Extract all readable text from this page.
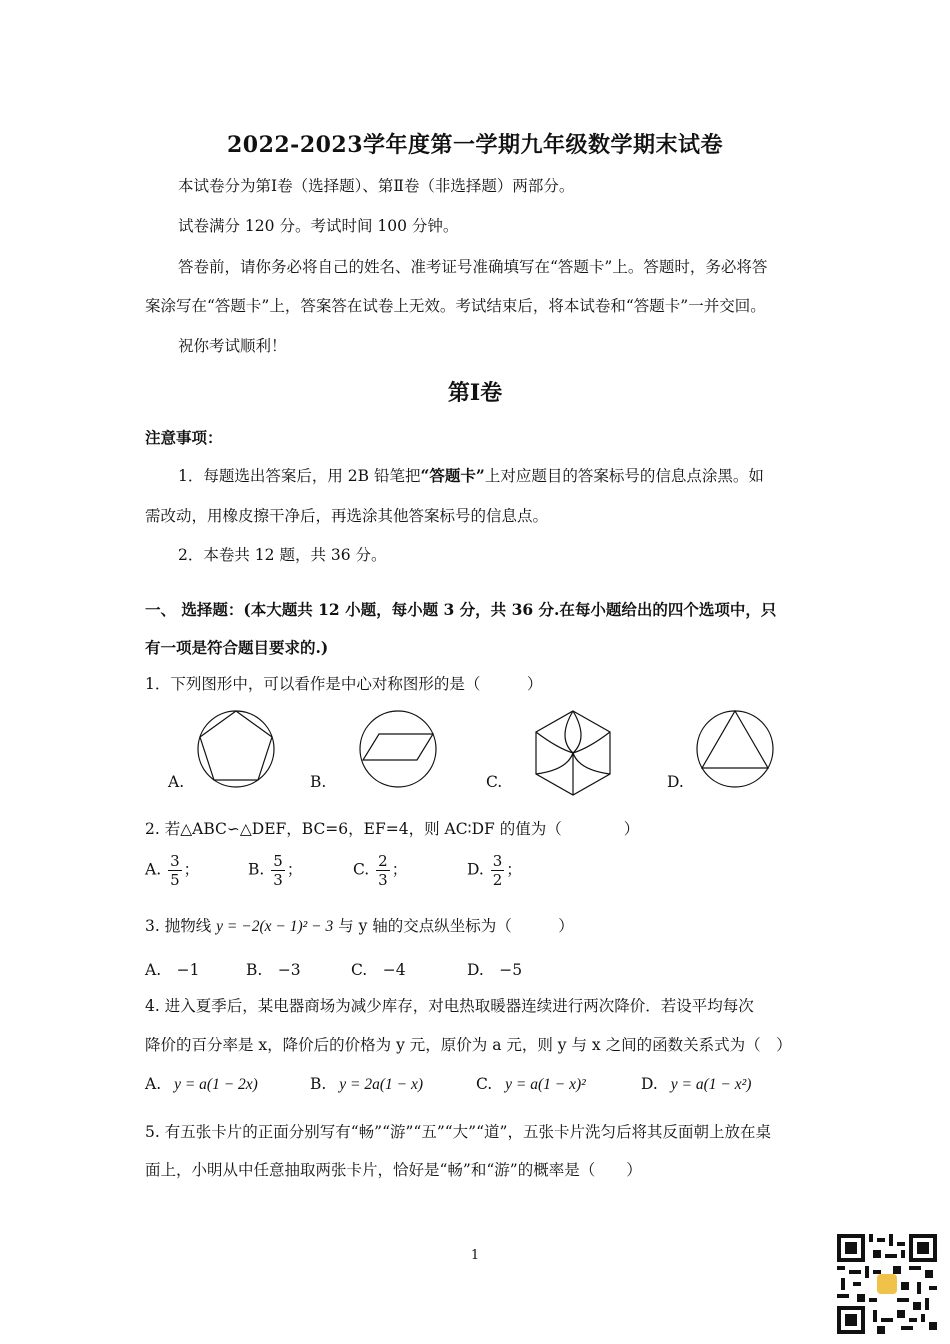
2022-2023学年度第一学期九年级数学期末试卷
本试卷分为第Ⅰ卷（选择题）、第Ⅱ卷（非选择题）两部分。
试卷满分 120 分。考试时间 100 分钟。
答卷前，请你务必将自己的姓名、准考证号准确填写在“答题卡”上。答题时，务必将答
案涂写在“答题卡”上，答案答在试卷上无效。考试结束后，将本试卷和“答题卡”一并交回。
祝你考试顺利！
第Ⅰ卷
注意事项：
1．每题选出答案后，用 2B 铅笔把“答题卡”上对应题目的答案标号的信息点涂黑。如
需改动，用橡皮擦干净后，再选涂其他答案标号的信息点。
2．本卷共 12 题，共 36 分。
一、 选择题：(本大题共 12 小题，每小题 3 分，共 36 分.在每小题给出的四个选项中，只
有一项是符合题目要求的.)
1．下列图形中，可以看作是中心对称图形的是（　　　）
A.	B.	C.	D.
2. 若△ABC∽△DEF，BC=6，EF=4，则 AC∶DF 的值为（　　　　）
A. $\frac{3}{5}$ ；	B. $\frac{5}{3}$ ；	C. $\frac{2}{3}$ ；	D. $\frac{3}{2}$ ；
3. 抛物线 y = −2(x − 1)² − 3 与 y 轴的交点纵坐标为（　　　）
A.　−1	B.　−3	C.　−4	D.　−5
4. 进入夏季后，某电器商场为减少库存，对电热取暖器连续进行两次降价．若设平均每次
降价的百分率是 x，降价后的价格为 y 元，原价为 a 元，则 y 与 x 之间的函数关系式为（　）
A. y = a(1 − 2x)	B. y = 2a(1 − x)	C. y = a(1 − x)²	D. y = a(1 − x²)
5. 有五张卡片的正面分别写有“畅”“游”“五”“大”“道”，五张卡片洗匀后将其反面朝上放在桌
面上，小明从中任意抽取两张卡片，恰好是“畅”和“游”的概率是（　　）
1
